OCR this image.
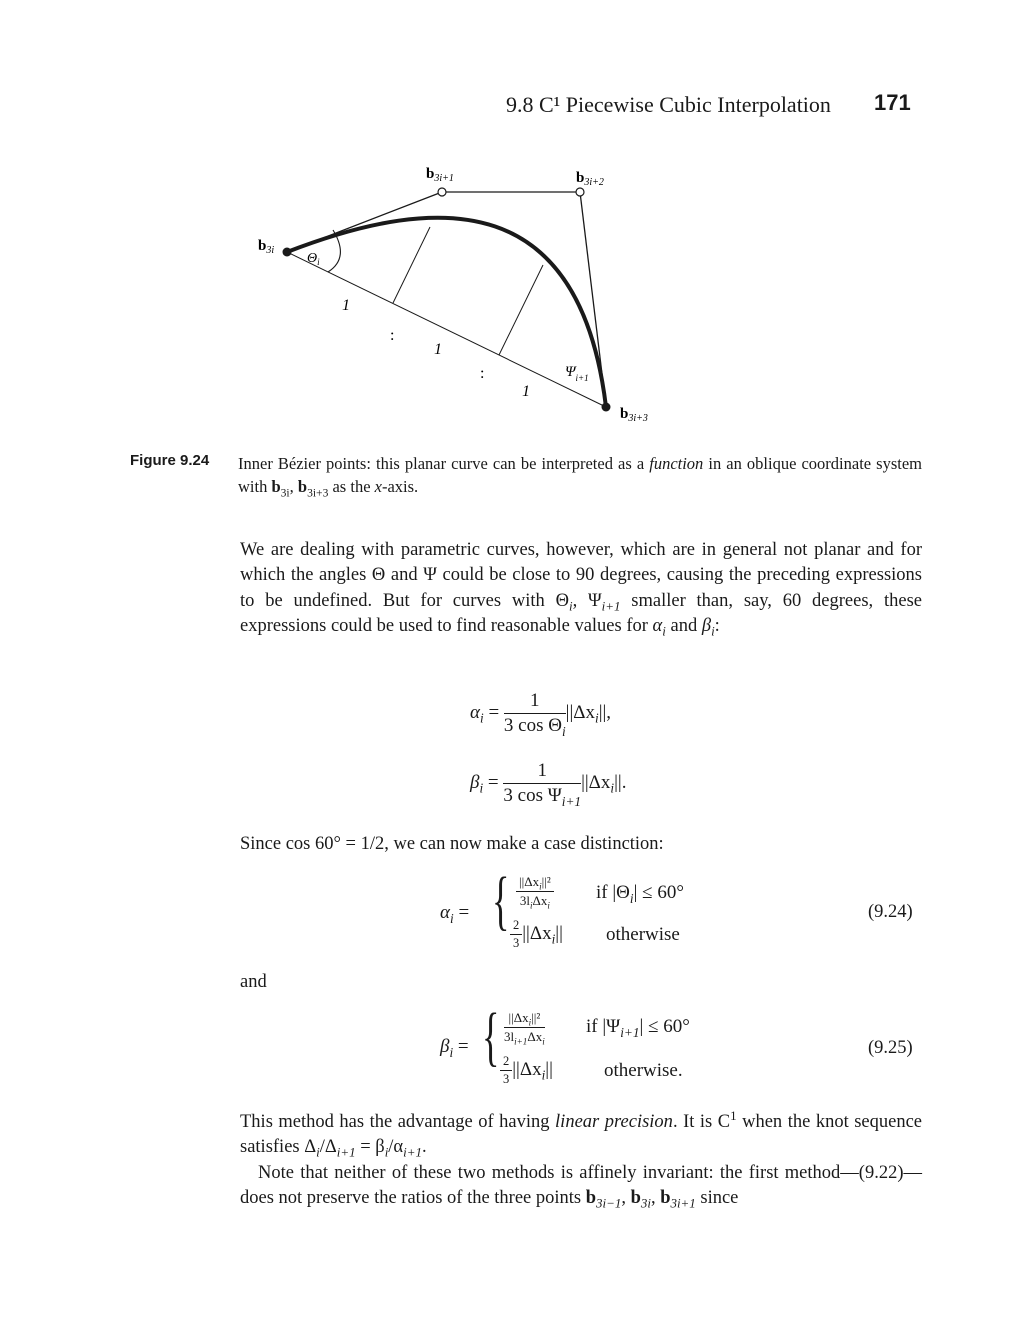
9.8 C¹ Piecewise Cubic Interpolation 171
$b_{3i}$
$b_{3i+1}$	$b_{3i+2}$
$b_{3i+3}$
$\Theta_i$
$\Psi_{i+1}$
1
1
1
:
:
Figure 9.24 Inner Bézier points: this planar curve can be interpreted as a function in an oblique coordinate system with $b_{3i}$, $b_{3i+3}$ as the x-axis.
We are dealing with parametric curves, however, which are in general not planar and for which the angles Θ and Ψ could be close to 90 degrees, causing the preceding expressions to be undefined. But for curves with $\Theta_i$, $\Psi_{i+1}$ smaller than, say, 60 degrees, these expressions could be used to find reasonable values for $\alpha_i$ and $\beta_i$:
$\alpha_i = \frac{1}{3 \cos \Theta_i} ||\Delta x_i||$,
$\beta_i = \frac{1}{3 \cos \Psi_{i+1}} ||\Delta x_i||$.
Since cos 60° = 1/2, we can now make a case distinction:
$\alpha_i$ = { $\frac{||\Delta x_i||^2}{3l_i\Delta x_i}$ if $|\Theta_i| \le 60^\circ$
$\frac{2}{3} ||\Delta x_i||$ otherwise
(9.24)
and
$\beta_i$ = { $\frac{||\Delta x_i||^2}{3l_{i+1}\Delta x_i}$ if $|\Psi_{i+1}| \le 60^\circ$
$\frac{2}{3} ||\Delta x_i||$	otherwise.
(9.25)
This method has the advantage of having linear precision. It is $C^1$ when the knot sequence satisfies $\Delta_i/\Delta_{i+1} = \beta_i/\alpha_{i+1}$.
Note that neither of these two methods is affinely invariant: the first method—(9.22)—does not preserve the ratios of the three points $b_{3i-1}$, $b_{3i}$, $b_{3i+1}$ since
